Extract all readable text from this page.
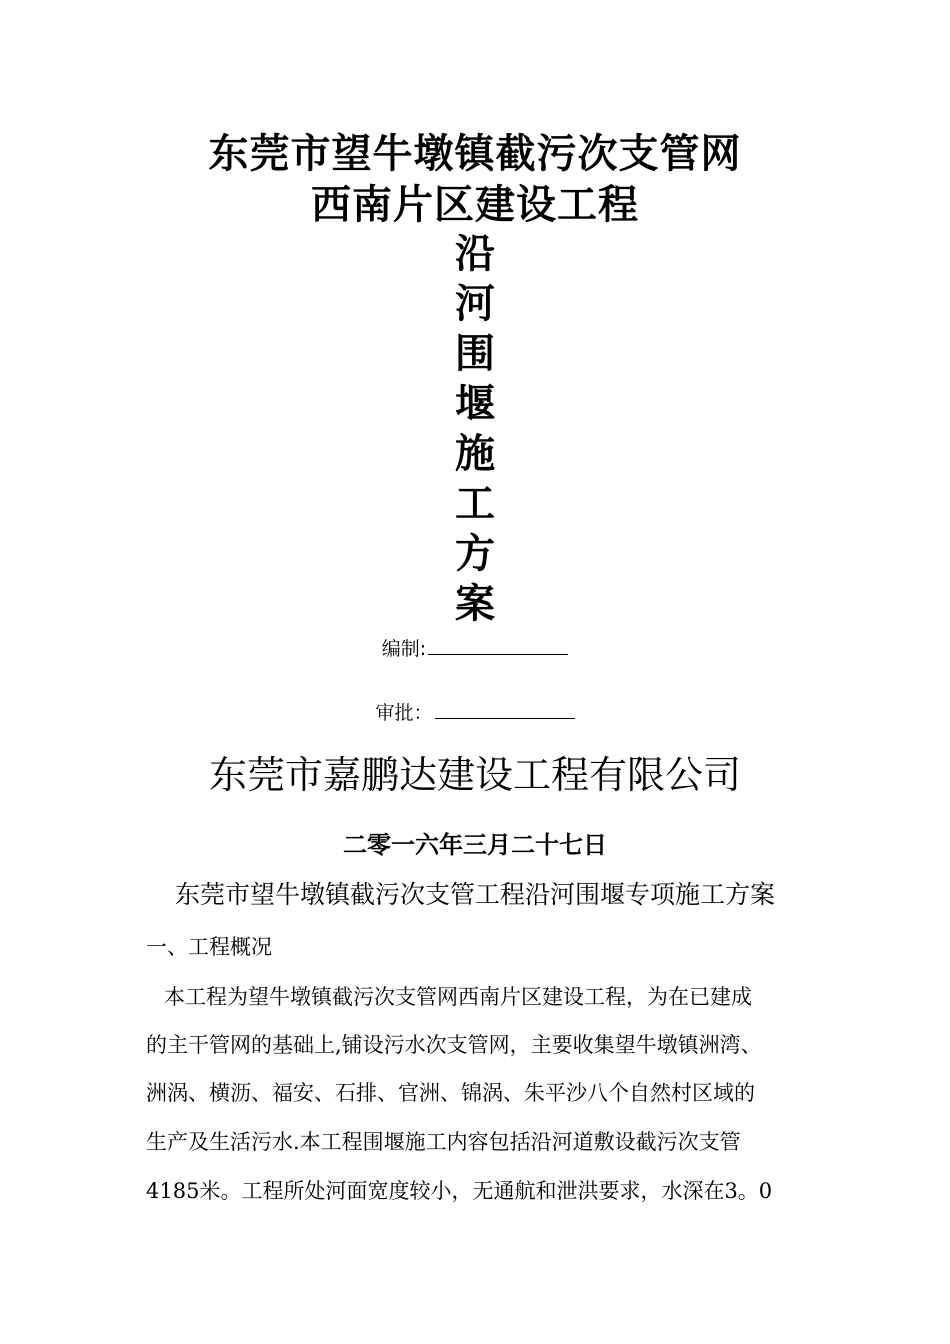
东莞市望牛墩镇截污次支管网
西南片区建设工程
沿
河
围
堰
施
工
方
案
编制:
审批：
东莞市嘉鹏达建设工程有限公司
二零一六年三月二十七日
东莞市望牛墩镇截污次支管工程沿河围堰专项施工方案
一、工程概况
本工程为望牛墩镇截污次支管网西南片区建设工程，为在已建成
的主干管网的基础上,铺设污水次支管网，主要收集望牛墩镇洲湾、
洲涡、横沥、福安、石排、官洲、锦涡、朱平沙八个自然村区域的
生产及生活污水.本工程围堰施工内容包括沿河道敷设截污次支管
4185米。工程所处河面宽度较小，无通航和泄洪要求，水深在3。0
